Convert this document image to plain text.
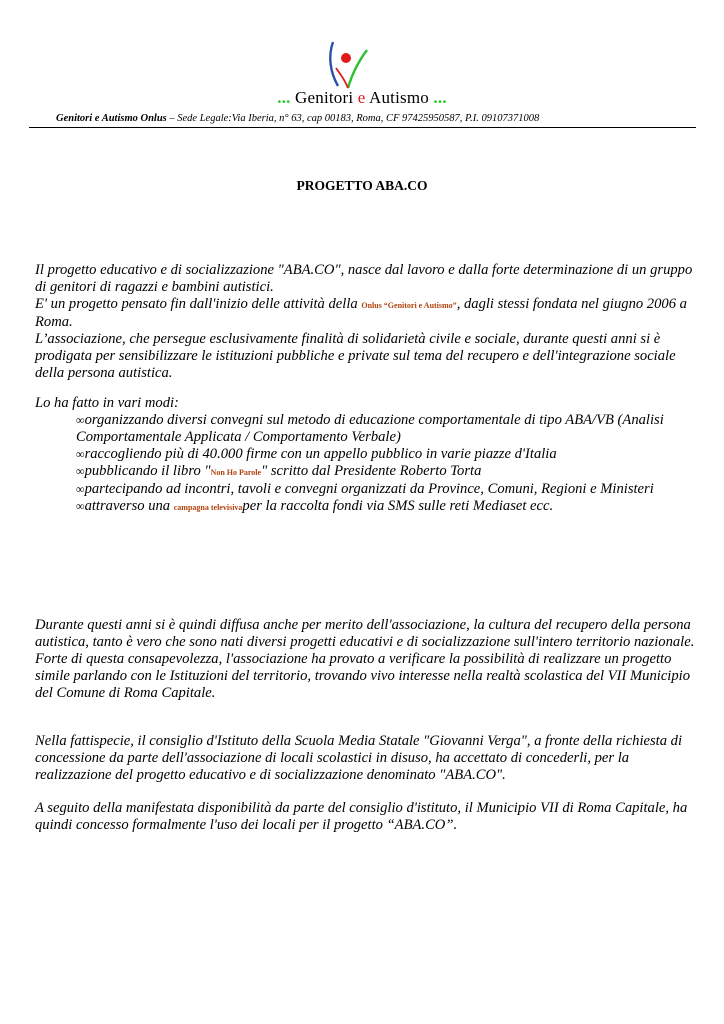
... Genitori e Autismo ...
Genitori e Autismo Onlus – Sede Legale:Via Iberia, n° 63, cap 00183, Roma, CF 97425950587, P.I. 09107371008
PROGETTO ABA.CO

Il progetto educativo e di socializzazione "ABA.CO", nasce dal lavoro e dalla forte determinazione di un gruppo di genitori di ragazzi e bambini autistici.

E' un progetto pensato fin dall'inizio delle attività della Onlus “Genitori e Autismo”, dagli stessi fondata nel giugno 2006 a Roma.

L’associazione, che persegue esclusivamente finalità di solidarietà civile e sociale, durante questi anni si è prodigata per sensibilizzare le istituzioni pubbliche e private sul tema del recupero e dell'integrazione sociale della persona autistica.

Lo ha fatto in vari modi:

∞organizzando diversi convegni sul metodo di educazione comportamentale di tipo ABA/VB (Analisi Comportamentale Applicata / Comportamento Verbale)
∞raccogliendo più di 40.000 firme con un appello pubblico in varie piazze d'Italia
∞pubblicando il libro "Non Ho Parole" scritto dal Presidente Roberto Torta
∞partecipando ad incontri, tavoli e convegni organizzati da Province, Comuni, Regioni e Ministeri
∞attraverso una campagna televisivaper la raccolta fondi via SMS sulle reti Mediaset ecc.

Durante questi anni si è quindi diffusa anche per merito dell'associazione, la cultura del recupero della persona autistica, tanto è vero che sono nati diversi progetti educativi e di socializzazione sull'intero territorio nazionale.

Forte di questa consapevolezza, l'associazione ha provato a verificare la possibilità di realizzare un progetto simile parlando con le Istituzioni del territorio, trovando vivo interesse nella realtà scolastica del VII Municipio del Comune di Roma Capitale.

Nella fattispecie, il consiglio d'Istituto della Scuola Media Statale "Giovanni Verga", a fronte della richiesta di concessione da parte dell'associazione di locali scolastici in disuso, ha accettato di concederli, per la realizzazione del progetto educativo e di socializzazione denominato "ABA.CO".

A seguito della manifestata disponibilità da parte del consiglio d'istituto, il Municipio VII di Roma Capitale, ha quindi concesso formalmente l'uso dei locali per il progetto “ABA.CO”.
